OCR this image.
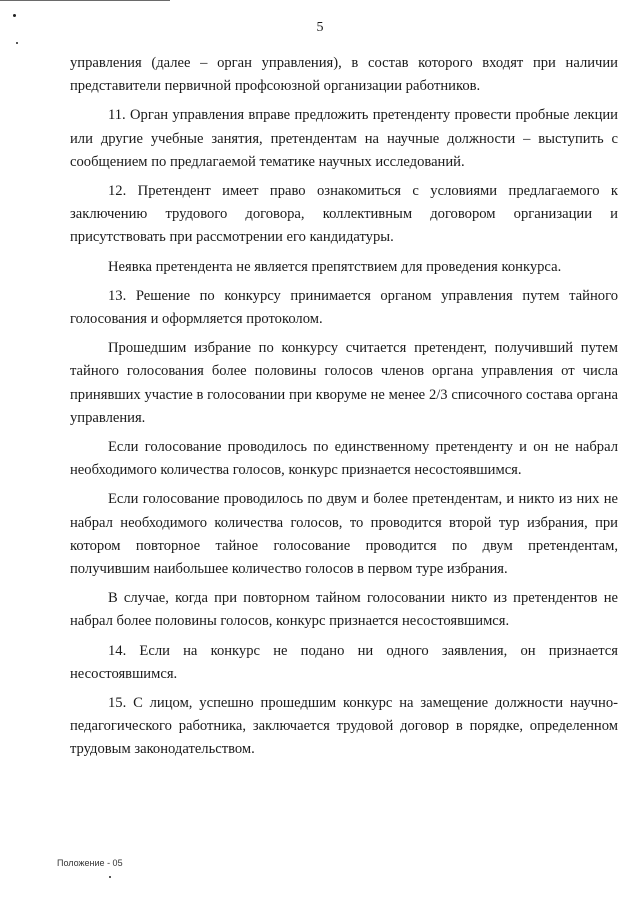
5

управления (далее – орган управления), в состав которого входят при наличии представители первичной профсоюзной организации работников.

11. Орган управления вправе предложить претенденту провести пробные лекции или другие учебные занятия, претендентам на научные должности – выступить с сообщением по предлагаемой тематике научных исследований.

12. Претендент имеет право ознакомиться с условиями предлагаемого к заключению трудового договора, коллективным договором организации и присутствовать при рассмотрении его кандидатуры.

Неявка претендента не является препятствием для проведения конкурса.

13. Решение по конкурсу принимается органом управления путем тайного голосования и оформляется протоколом.

Прошедшим избрание по конкурсу считается претендент, получивший путем тайного голосования более половины голосов членов органа управления от числа принявших участие в голосовании при кворуме не менее 2/3 списочного состава органа управления.

Если голосование проводилось по единственному претенденту и он не набрал необходимого количества голосов, конкурс признается несостоявшимся.

Если голосование проводилось по двум и более претендентам, и никто из них не набрал необходимого количества голосов, то проводится второй тур избрания, при котором повторное тайное голосование проводится по двум претендентам, получившим наибольшее количество голосов в первом туре избрания.

В случае, когда при повторном тайном голосовании никто из претендентов не набрал более половины голосов, конкурс признается несостоявшимся.

14. Если на конкурс не подано ни одного заявления, он признается несостоявшимся.

15. С лицом, успешно прошедшим конкурс на замещение должности научно-педагогического работника, заключается трудовой договор в порядке, определенном трудовым законодательством.

Положение - 05
